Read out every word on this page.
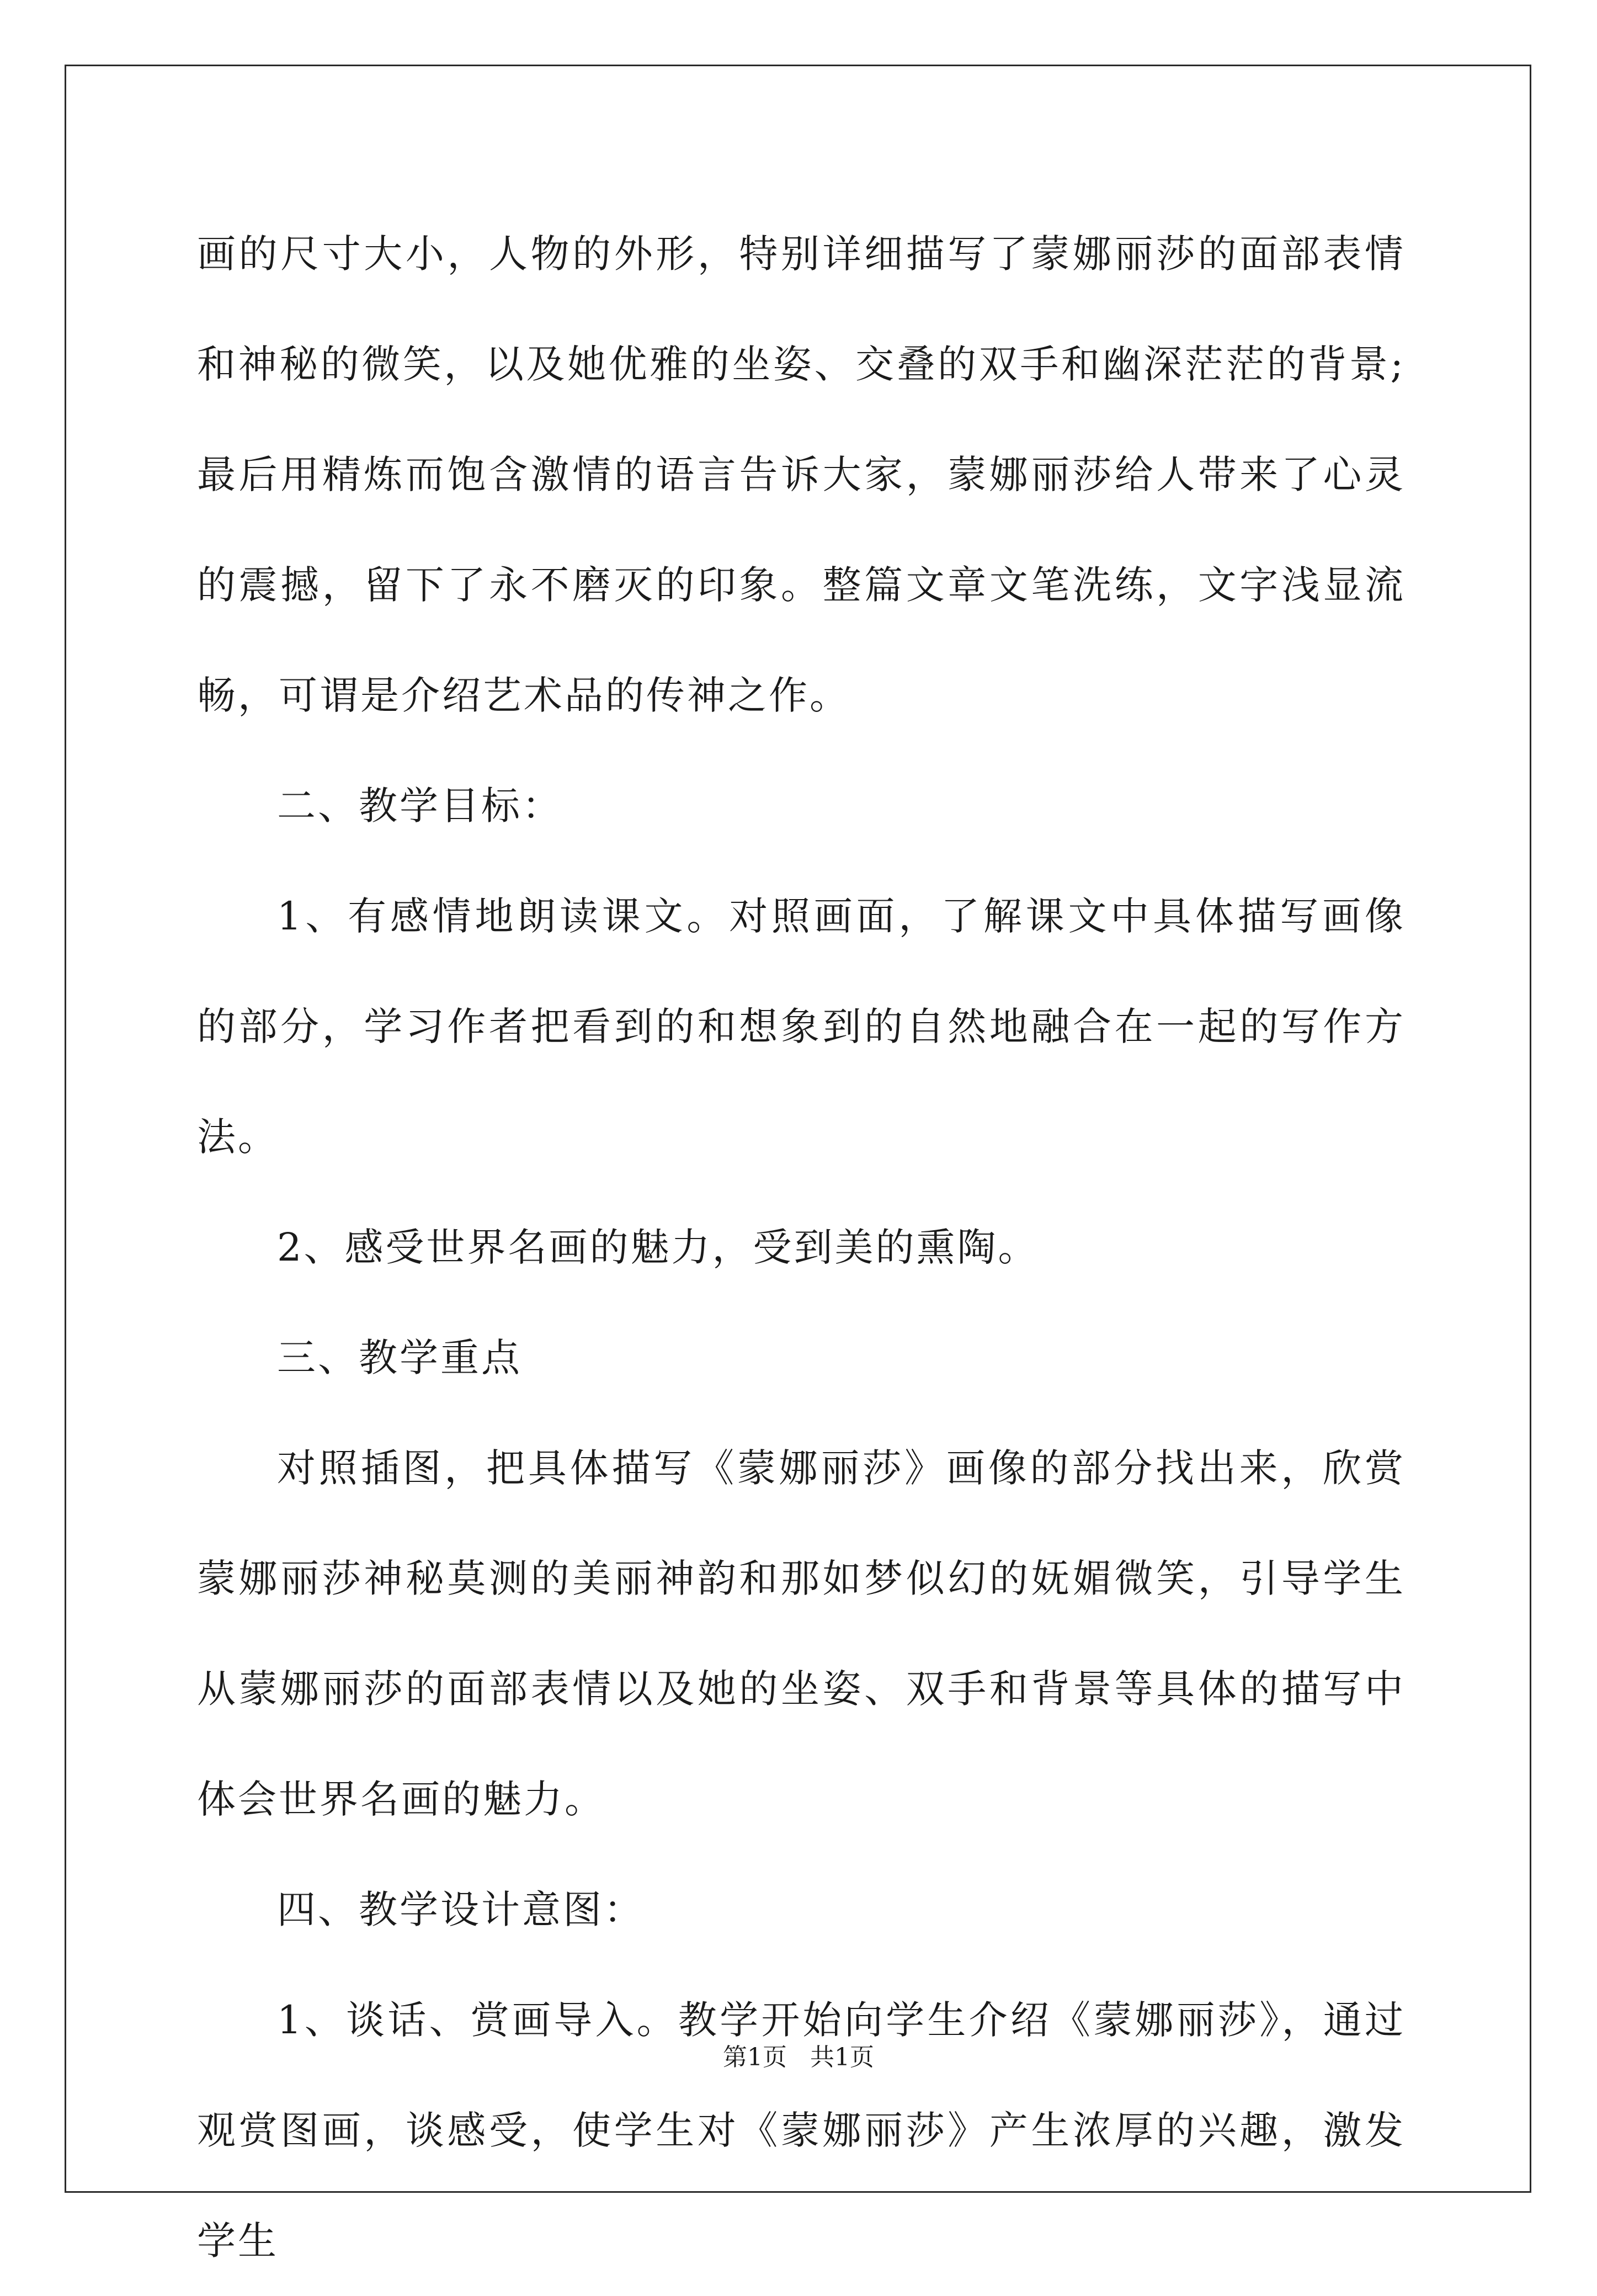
画的尺寸大小，人物的外形，特别详细描写了蒙娜丽莎的面部表情和神秘的微笑，以及她优雅的坐姿、交叠的双手和幽深茫茫的背景;最后用精炼而饱含激情的语言告诉大家，蒙娜丽莎给人带来了心灵的震撼，留下了永不磨灭的印象。整篇文章文笔洗练，文字浅显流畅，可谓是介绍艺术品的传神之作。

二、教学目标：

1、有感情地朗读课文。对照画面，了解课文中具体描写画像的部分，学习作者把看到的和想象到的自然地融合在一起的写作方法。

2、感受世界名画的魅力，受到美的熏陶。

三、教学重点

对照插图，把具体描写《蒙娜丽莎》画像的部分找出来，欣赏蒙娜丽莎神秘莫测的美丽神韵和那如梦似幻的妩媚微笑，引导学生从蒙娜丽莎的面部表情以及她的坐姿、双手和背景等具体的描写中体会世界名画的魅力。

四、教学设计意图：

1、谈话、赏画导入。教学开始向学生介绍《蒙娜丽莎》，通过观赏图画，谈感受，使学生对《蒙娜丽莎》产生浓厚的兴趣，激发学生

第1页   共1页
